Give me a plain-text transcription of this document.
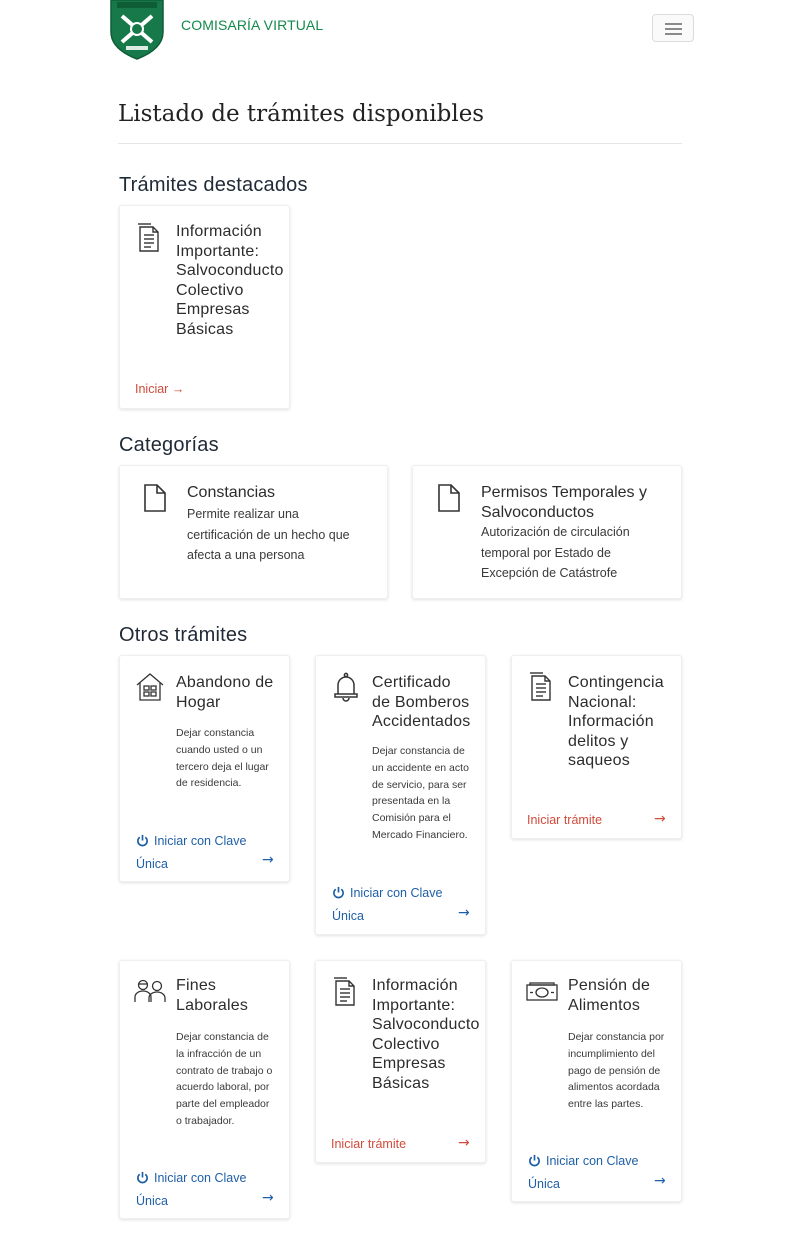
COMISARÍA VIRTUAL
Listado de trámites disponibles
Trámites destacados
Información
Importante:
Salvoconducto
Colectivo
Empresas
Básicas
Iniciar →
Categorías
Constancias
Permite realizar una
certificación de un hecho que
afecta a una persona
Permisos Temporales y
Salvoconductos
Autorización de circulación
temporal por Estado de
Excepción de Catástrofe
Otros trámites
Abandono de
Hogar
Dejar constancia
cuando usted o un
tercero deja el lugar
de residencia.
Iniciar con Clave
Única	→
Certificado
de Bomberos
Accidentados
Dejar constancia de
un accidente en acto
de servicio, para ser
presentada en la
Comisión para el
Mercado Financiero.
Iniciar con Clave
Única	→
Contingencia
Nacional:
Información
delitos y
saqueos
Iniciar trámite	→
Fines
Laborales
Dejar constancia de
la infracción de un
contrato de trabajo o
acuerdo laboral, por
parte del empleador
o trabajador.
Iniciar con Clave
Única	→
Información
Importante:
Salvoconducto
Colectivo
Empresas
Básicas
Iniciar trámite	→
Pensión de
Alimentos
Dejar constancia por
incumplimiento del
pago de pensión de
alimentos acordada
entre las partes.
Iniciar con Clave
Única	→
